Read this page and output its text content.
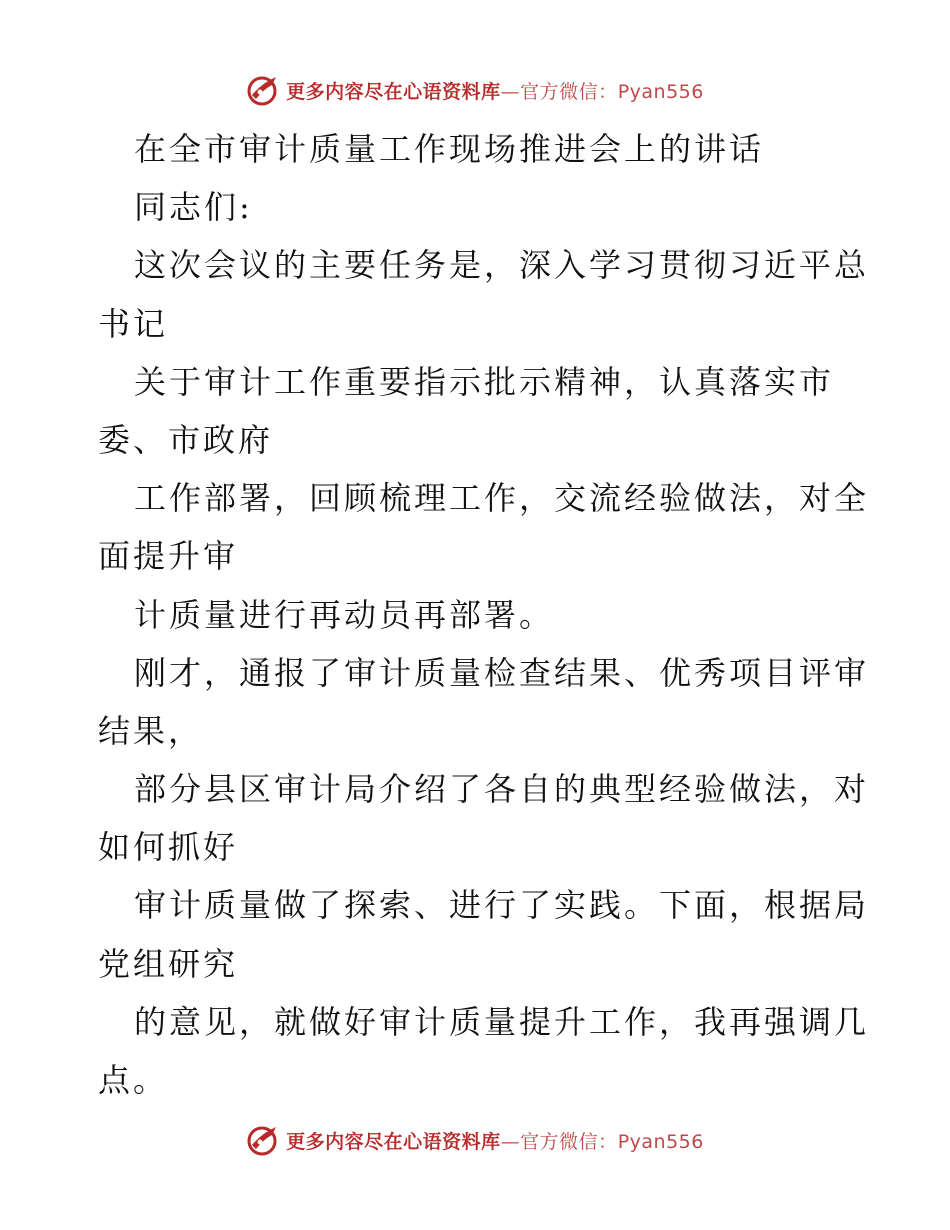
更多内容尽在心语资料库—官方微信：Pyan556
在全市审计质量工作现场推进会上的讲话
同志们:
这次会议的主要任务是，深入学习贯彻习近平总
书记
关于审计工作重要指示批示精神，认真落实市
委、市政府
工作部署，回顾梳理工作，交流经验做法，对全
面提升审
计质量进行再动员再部署。
刚才，通报了审计质量检查结果、优秀项目评审
结果，
部分县区审计局介绍了各自的典型经验做法，对
如何抓好
审计质量做了探索、进行了实践。下面，根据局
党组研究
的意见，就做好审计质量提升工作，我再强调几
点。
更多内容尽在心语资料库—官方微信：Pyan556
